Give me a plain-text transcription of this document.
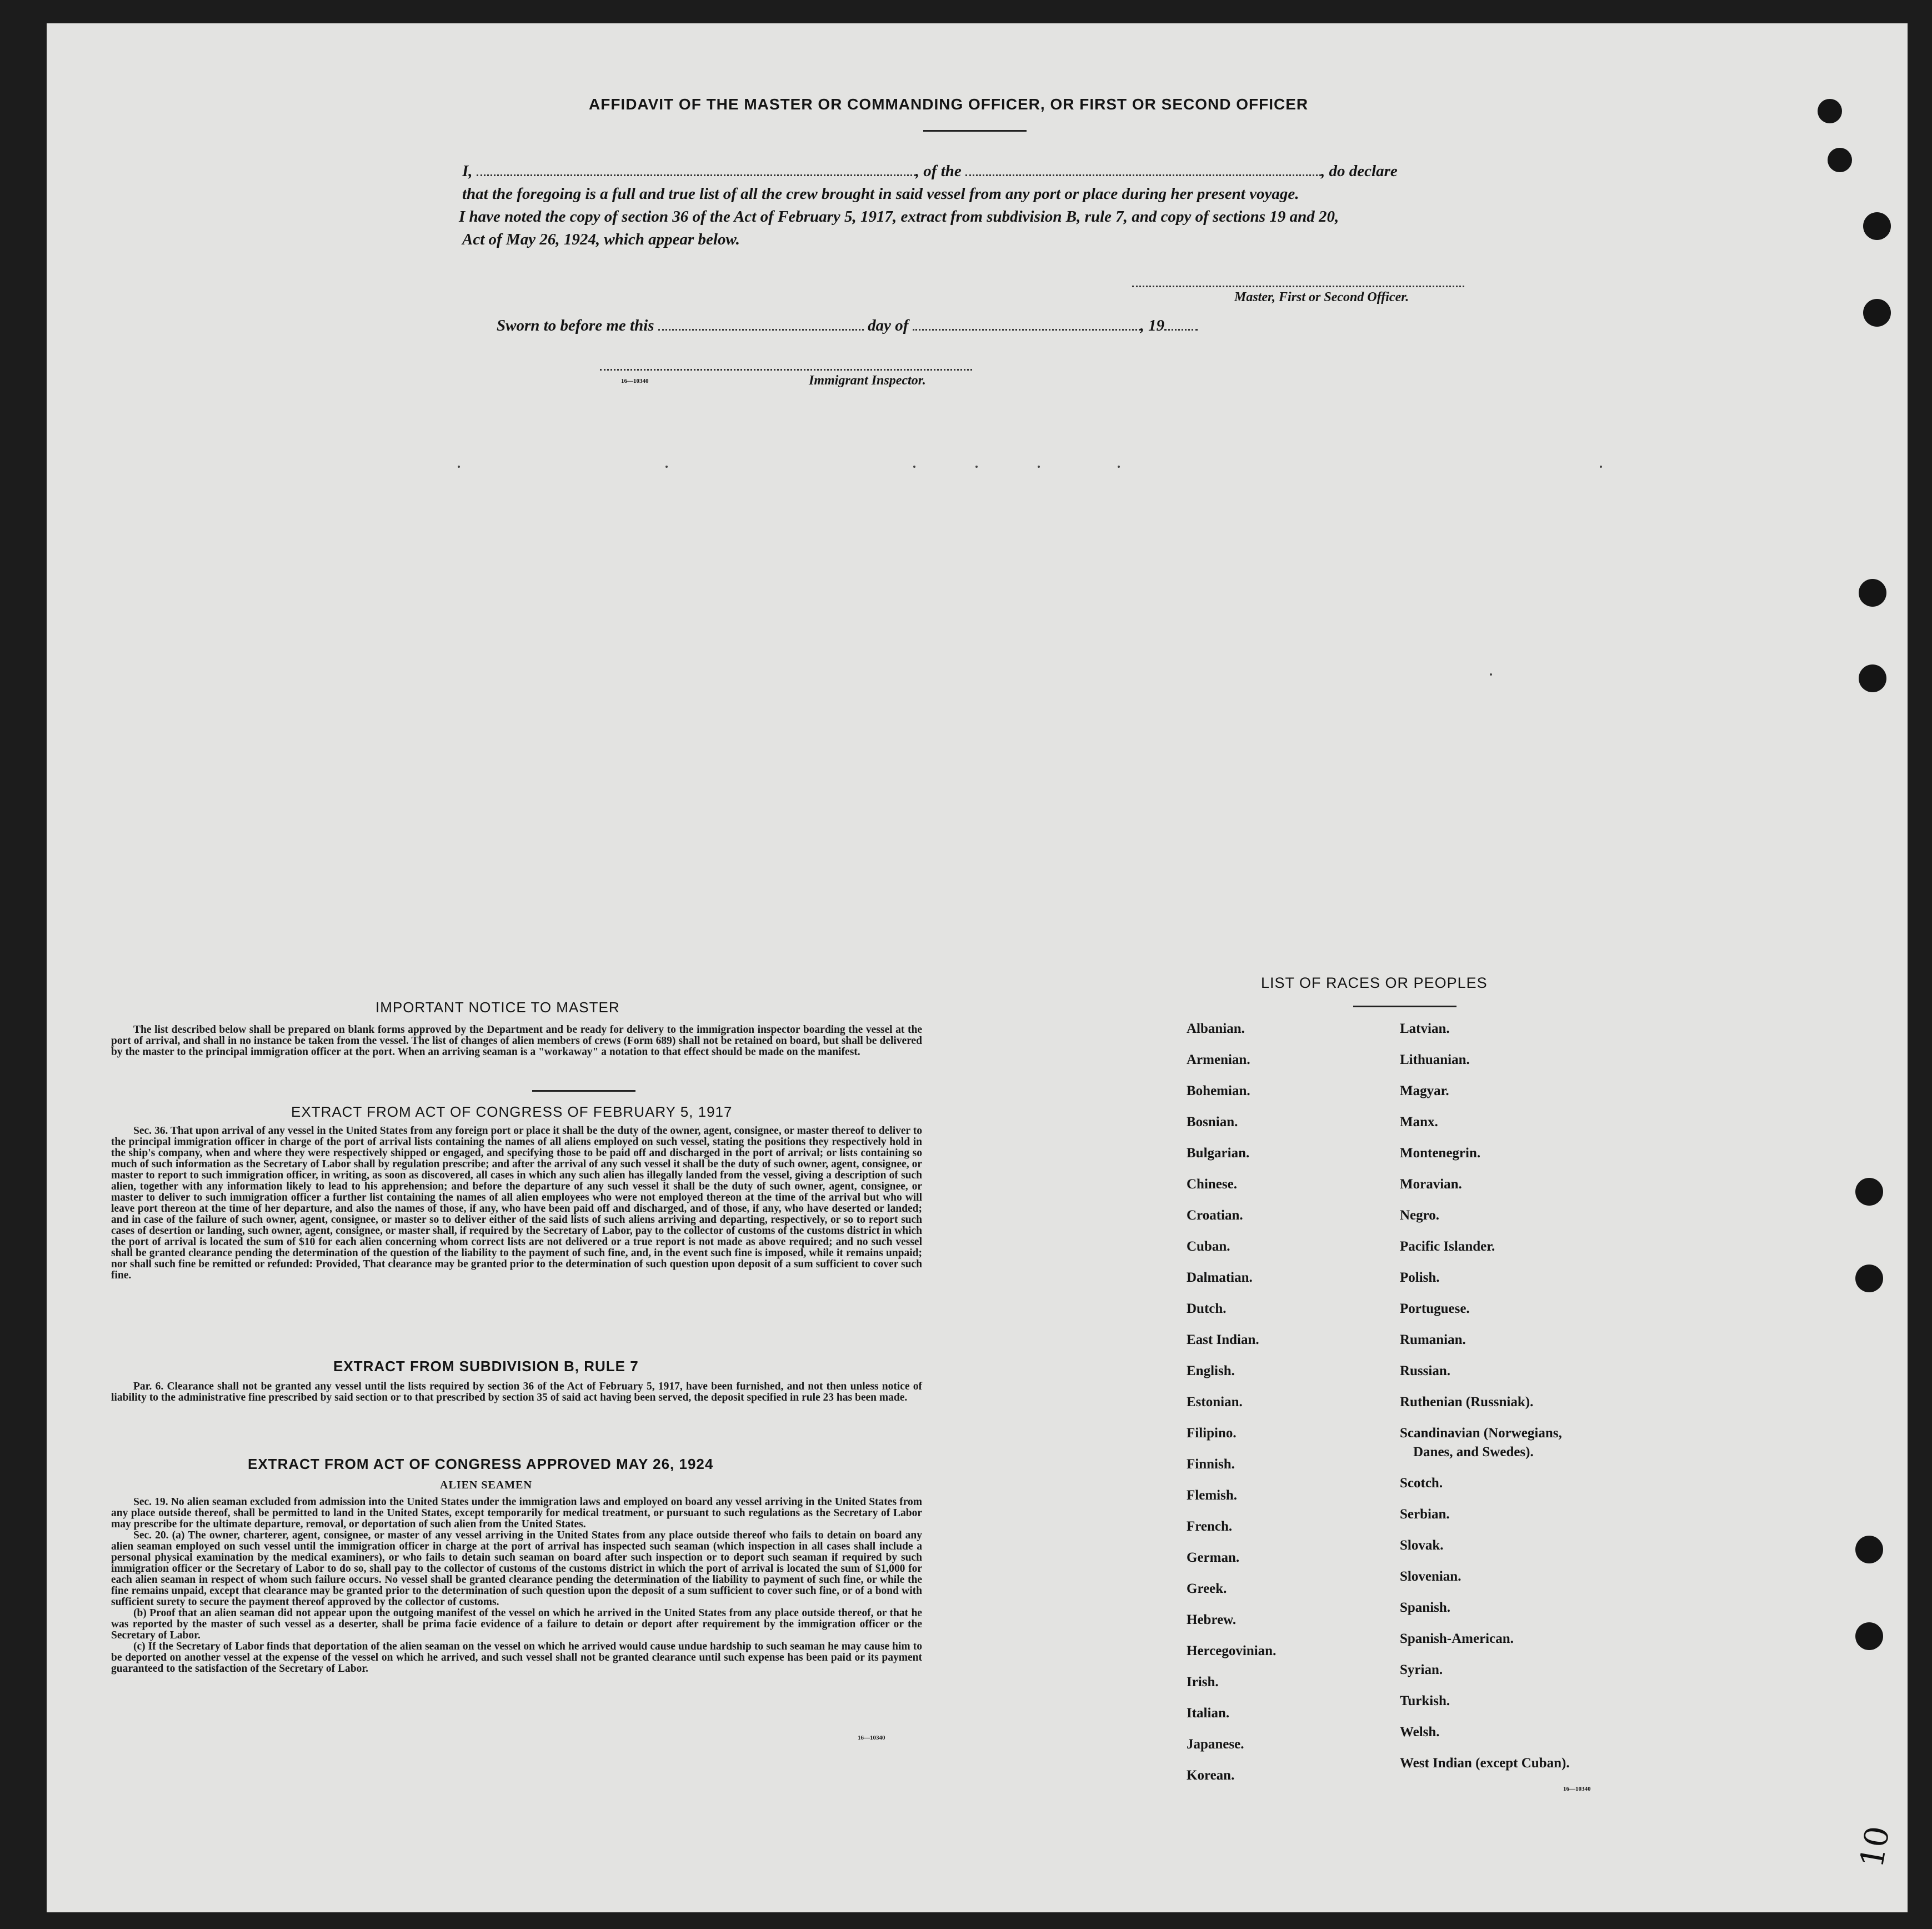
AFFIDAVIT OF THE MASTER OR COMMANDING OFFICER, OR FIRST OR SECOND OFFICER
I,	, of the	, do declare
that the foregoing is a full and true list of all the crew brought in said vessel from any port or place during her present voyage.
I have noted the copy of section 36 of the Act of February 5, 1917, extract from subdivision B, rule 7, and copy of sections 19 and 20,
Act of May 26, 1924, which appear below.
Master, First or Second Officer.
Sworn to before me this	day of	, 19
16—10340	Immigrant Inspector.
IMPORTANT NOTICE TO MASTER

The list described below shall be prepared on blank forms approved by the Department and be ready for delivery to the immigration inspector boarding the vessel at the port of arrival, and shall in no instance be taken from the vessel. The list of changes of alien members of crews (Form 689) shall not be retained on board, but shall be delivered by the master to the principal immigration officer at the port. When an arriving seaman is a "workaway" a notation to that effect should be made on the manifest.

EXTRACT FROM ACT OF CONGRESS OF FEBRUARY 5, 1917

Sec. 36. That upon arrival of any vessel in the United States from any foreign port or place it shall be the duty of the owner, agent, consignee, or master thereof to deliver to the principal immigration officer in charge of the port of arrival lists containing the names of all aliens employed on such vessel, stating the positions they respectively hold in the ship's company, when and where they were respectively shipped or engaged, and specifying those to be paid off and discharged in the port of arrival; or lists containing so much of such information as the Secretary of Labor shall by regulation prescribe; and after the arrival of any such vessel it shall be the duty of such owner, agent, consignee, or master to report to such immigration officer, in writing, as soon as discovered, all cases in which any such alien has illegally landed from the vessel, giving a description of such alien, together with any information likely to lead to his apprehension; and before the departure of any such vessel it shall be the duty of such owner, agent, consignee, or master to deliver to such immigration officer a further list containing the names of all alien employees who were not employed thereon at the time of the arrival but who will leave port thereon at the time of her departure, and also the names of those, if any, who have been paid off and discharged, and of those, if any, who have deserted or landed; and in case of the failure of such owner, agent, consignee, or master so to deliver either of the said lists of such aliens arriving and departing, respectively, or so to report such cases of desertion or landing, such owner, agent, consignee, or master shall, if required by the Secretary of Labor, pay to the collector of customs of the customs district in which the port of arrival is located the sum of $10 for each alien concerning whom correct lists are not delivered or a true report is not made as above required; and no such vessel shall be granted clearance pending the determination of the question of the liability to the payment of such fine, and, in the event such fine is imposed, while it remains unpaid; nor shall such fine be remitted or refunded: Provided, That clearance may be granted prior to the determination of such question upon deposit of a sum sufficient to cover such fine.

EXTRACT FROM SUBDIVISION B, RULE 7

Par. 6. Clearance shall not be granted any vessel until the lists required by section 36 of the Act of February 5, 1917, have been furnished, and not then unless notice of liability to the administrative fine prescribed by said section or to that prescribed by section 35 of said act having been served, the deposit specified in rule 23 has been made.

EXTRACT FROM ACT OF CONGRESS APPROVED MAY 26, 1924
ALIEN SEAMEN

Sec. 19. No alien seaman excluded from admission into the United States under the immigration laws and employed on board any vessel arriving in the United States from any place outside thereof, shall be permitted to land in the United States, except temporarily for medical treatment, or pursuant to such regulations as the Secretary of Labor may prescribe for the ultimate departure, removal, or deportation of such alien from the United States.

Sec. 20. (a) The owner, charterer, agent, consignee, or master of any vessel arriving in the United States from any place outside thereof who fails to detain on board any alien seaman employed on such vessel until the immigration officer in charge at the port of arrival has inspected such seaman (which inspection in all cases shall include a personal physical examination by the medical examiners), or who fails to detain such seaman on board after such inspection or to deport such seaman if required by such immigration officer or the Secretary of Labor to do so, shall pay to the collector of customs of the customs district in which the port of arrival is located the sum of $1,000 for each alien seaman in respect of whom such failure occurs. No vessel shall be granted clearance pending the determination of the liability to payment of such fine, or while the fine remains unpaid, except that clearance may be granted prior to the determination of such question upon the deposit of a sum sufficient to cover such fine, or of a bond with sufficient surety to secure the payment thereof approved by the collector of customs.

(b) Proof that an alien seaman did not appear upon the outgoing manifest of the vessel on which he arrived in the United States from any place outside thereof, or that he was reported by the master of such vessel as a deserter, shall be prima facie evidence of a failure to detain or deport after requirement by the immigration officer or the Secretary of Labor.

(c) If the Secretary of Labor finds that deportation of the alien seaman on the vessel on which he arrived would cause undue hardship to such seaman he may cause him to be deported on another vessel at the expense of the vessel on which he arrived, and such vessel shall not be granted clearance until such expense has been paid or its payment guaranteed to the satisfaction of the Secretary of Labor.

16—10340
LIST OF RACES OR PEOPLES
Albanian.
Armenian.
Bohemian.
Bosnian.
Bulgarian.
Chinese.
Croatian.
Cuban.
Dalmatian.
Dutch.
East Indian.
English.
Estonian.
Filipino.
Finnish.
Flemish.
French.
German.
Greek.
Hebrew.
Hercegovinian.
Irish.
Italian.
Japanese.
Korean.
Latvian.
Lithuanian.
Magyar.
Manx.
Montenegrin.
Moravian.
Negro.
Pacific Islander.
Polish.
Portuguese.
Rumanian.
Russian.
Ruthenian (Russniak).
Scandinavian (Norwegians,
Danes, and Swedes).
Scotch.
Serbian.
Slovak.
Slovenian.
Spanish.
Spanish-American.
Syrian.
Turkish.
Welsh.
West Indian (except Cuban).
16—10340
10
